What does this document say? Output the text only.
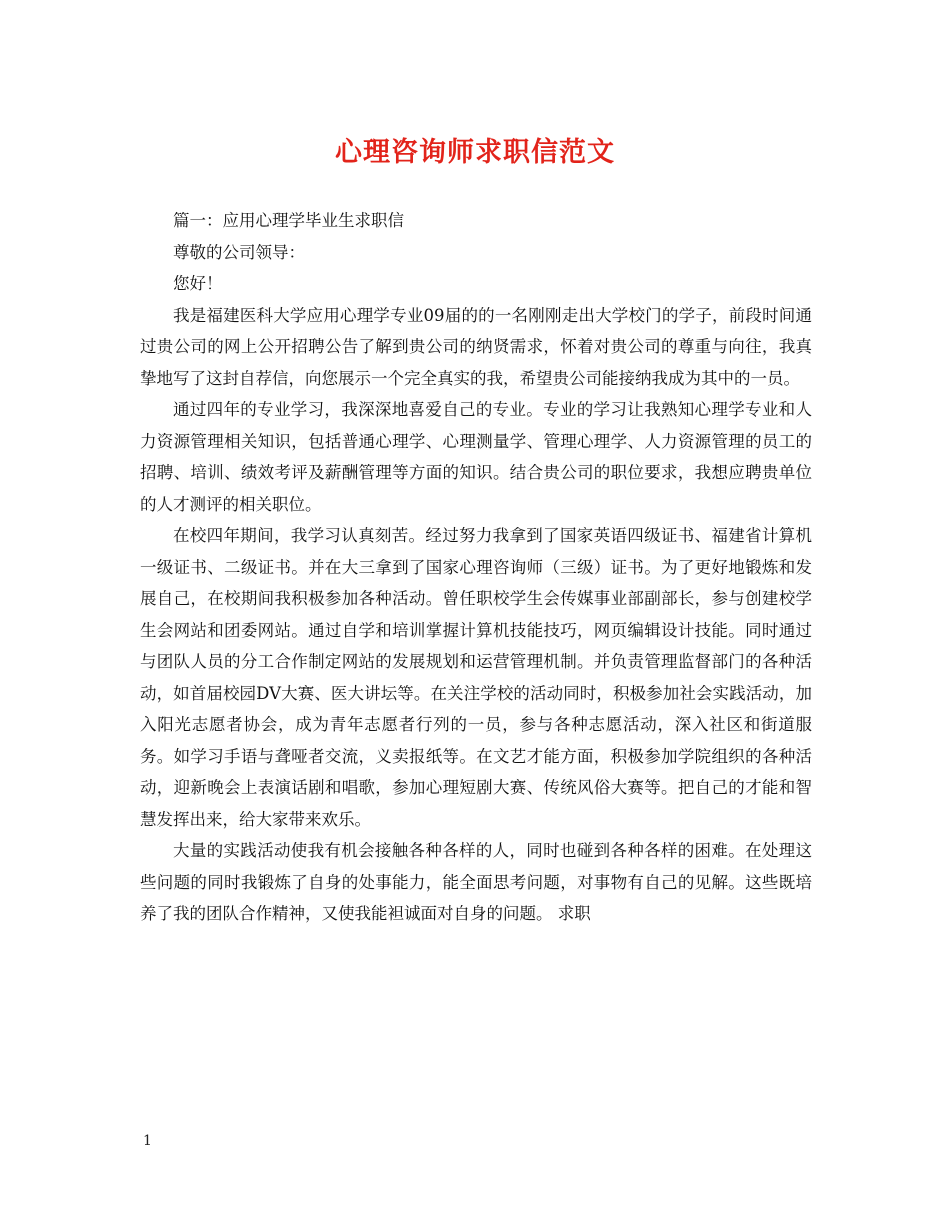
心理咨询师求职信范文

篇一：应用心理学毕业生求职信

尊敬的公司领导：

您好！

我是福建医科大学应用心理学专业09届的的一名刚刚走出大学校门的学子，前段时间通过贵公司的网上公开招聘公告了解到贵公司的纳贤需求，怀着对贵公司的尊重与向往，我真挚地写了这封自荐信，向您展示一个完全真实的我，希望贵公司能接纳我成为其中的一员。

通过四年的专业学习，我深深地喜爱自己的专业。专业的学习让我熟知心理学专业和人力资源管理相关知识，包括普通心理学、心理测量学、管理心理学、人力资源管理的员工的招聘、培训、绩效考评及薪酬管理等方面的知识。结合贵公司的职位要求，我想应聘贵单位的人才测评的相关职位。

在校四年期间，我学习认真刻苦。经过努力我拿到了国家英语四级证书、福建省计算机一级证书、二级证书。并在大三拿到了国家心理咨询师（三级）证书。为了更好地锻炼和发展自己，在校期间我积极参加各种活动。曾任职校学生会传媒事业部副部长，参与创建校学生会网站和团委网站。通过自学和培训掌握计算机技能技巧，网页编辑设计技能。同时通过与团队人员的分工合作制定网站的发展规划和运营管理机制。并负责管理监督部门的各种活动，如首届校园DV大赛、医大讲坛等。在关注学校的活动同时，积极参加社会实践活动，加入阳光志愿者协会，成为青年志愿者行列的一员，参与各种志愿活动，深入社区和街道服务。如学习手语与聋哑者交流，义卖报纸等。在文艺才能方面，积极参加学院组织的各种活动，迎新晚会上表演话剧和唱歌，参加心理短剧大赛、传统风俗大赛等。把自己的才能和智慧发挥出来，给大家带来欢乐。

大量的实践活动使我有机会接触各种各样的人，同时也碰到各种各样的困难。在处理这些问题的同时我锻炼了自身的处事能力，能全面思考问题，对事物有自己的见解。这些既培养了我的团队合作精神，又使我能袒诚面对自身的问题。 求职

1
